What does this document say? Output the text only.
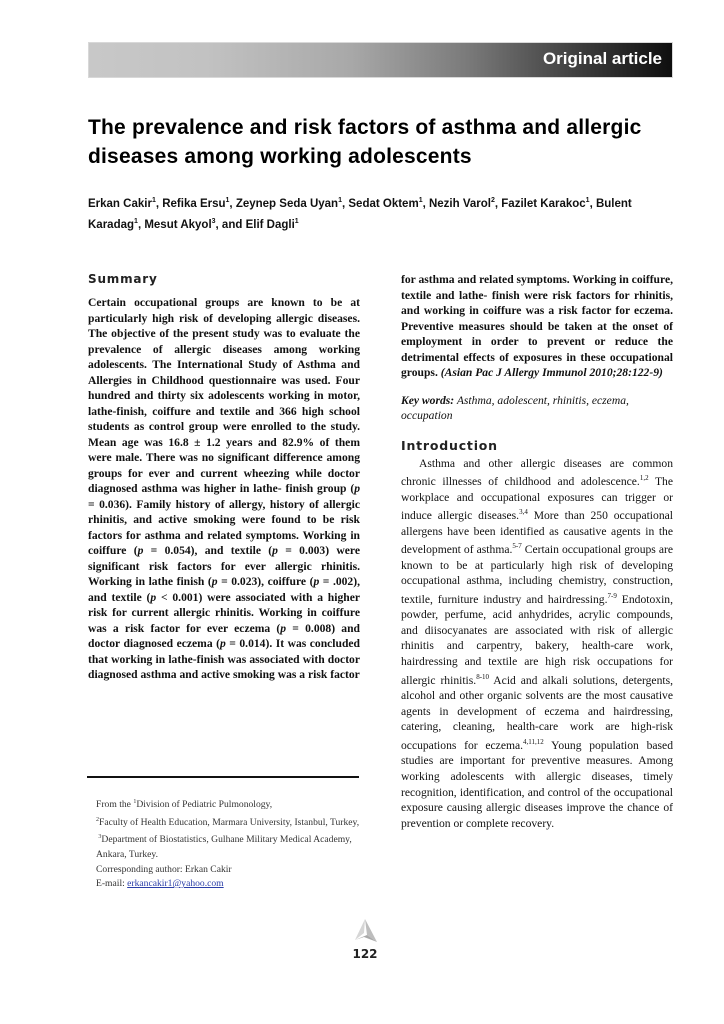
Original article
The prevalence and risk factors of asthma and allergic diseases among working adolescents
Erkan Cakir$^1$, Refika Ersu$^1$, Zeynep Seda Uyan$^1$, Sedat Oktem$^1$, Nezih Varol$^2$, Fazilet Karakoc$^1$, Bulent Karadag$^1$, Mesut Akyol$^3$, and Elif Dagli$^1$
Summary

Certain occupational groups are known to be at particularly high risk of developing allergic diseases. The objective of the present study was to evaluate the prevalence of allergic diseases among working adolescents. The International Study of Asthma and Allergies in Childhood questionnaire was used. Four hundred and thirty six adolescents working in motor, lathe-finish, coiffure and textile and 366 high school students as control group were enrolled to the study. Mean age was 16.8 ± 1.2 years and 82.9% of them were male. There was no significant difference among groups for ever and current wheezing while doctor diagnosed asthma was higher in lathe- finish group (p = 0.036). Family history of allergy, history of allergic rhinitis, and active smoking were found to be risk factors for asthma and related symptoms. Working in coiffure (p = 0.054), and textile (p = 0.003) were significant risk factors for ever allergic rhinitis. Working in lathe finish (p = 0.023), coiffure (p = .002), and textile (p < 0.001) were associated with a higher risk for current allergic rhinitis. Working in coiffure was a risk factor for ever eczema (p = 0.008) and doctor diagnosed eczema (p = 0.014). It was concluded that working in lathe-finish was associated with doctor diagnosed asthma and active smoking was a risk factor

From the $^1$Division of Pediatric Pulmonology,
$^2$Faculty of Health Education, Marmara University, Istanbul, Turkey,
$^3$Department of Biostatistics, Gulhane Military Medical Academy, Ankara, Turkey.
Corresponding author: Erkan Cakir
E-mail: erkancakir1@yahoo.com

for asthma and related symptoms. Working in coiffure, textile and lathe- finish were risk factors for rhinitis, and working in coiffure was a risk factor for eczema. Preventive measures should be taken at the onset of employment in order to prevent or reduce the detrimental effects of exposures in these occupational groups. (Asian Pac J Allergy Immunol 2010;28:122-9)

Key words: Asthma, adolescent, rhinitis, eczema, occupation

Introduction

Asthma and other allergic diseases are common chronic illnesses of childhood and adolescence.$^{1,2}$ The workplace and occupational exposures can trigger or induce allergic diseases.$^{3,4}$ More than 250 occupational allergens have been identified as causative agents in the development of asthma.$^{5-7}$ Certain occupational groups are known to be at particularly high risk of developing occupational asthma, including chemistry, construction, textile, furniture industry and hairdressing.$^{7-9}$ Endotoxin, powder, perfume, acid anhydrides, acrylic compounds, and diisocyanates are associated with risk of allergic rhinitis and carpentry, bakery, health-care work, hairdressing and textile are high risk occupations for allergic rhinitis.$^{8-10}$ Acid and alkali solutions, detergents, alcohol and other organic solvents are the most causative agents in development of eczema and hairdressing, catering, cleaning, health-care work are high-risk occupations for eczema.$^{4,11,12}$ Young population based studies are important for preventive measures. Among working adolescents with allergic diseases, timely recognition, identification, and control of the occupational exposure causing allergic diseases improve the chance of prevention or complete recovery.

122
